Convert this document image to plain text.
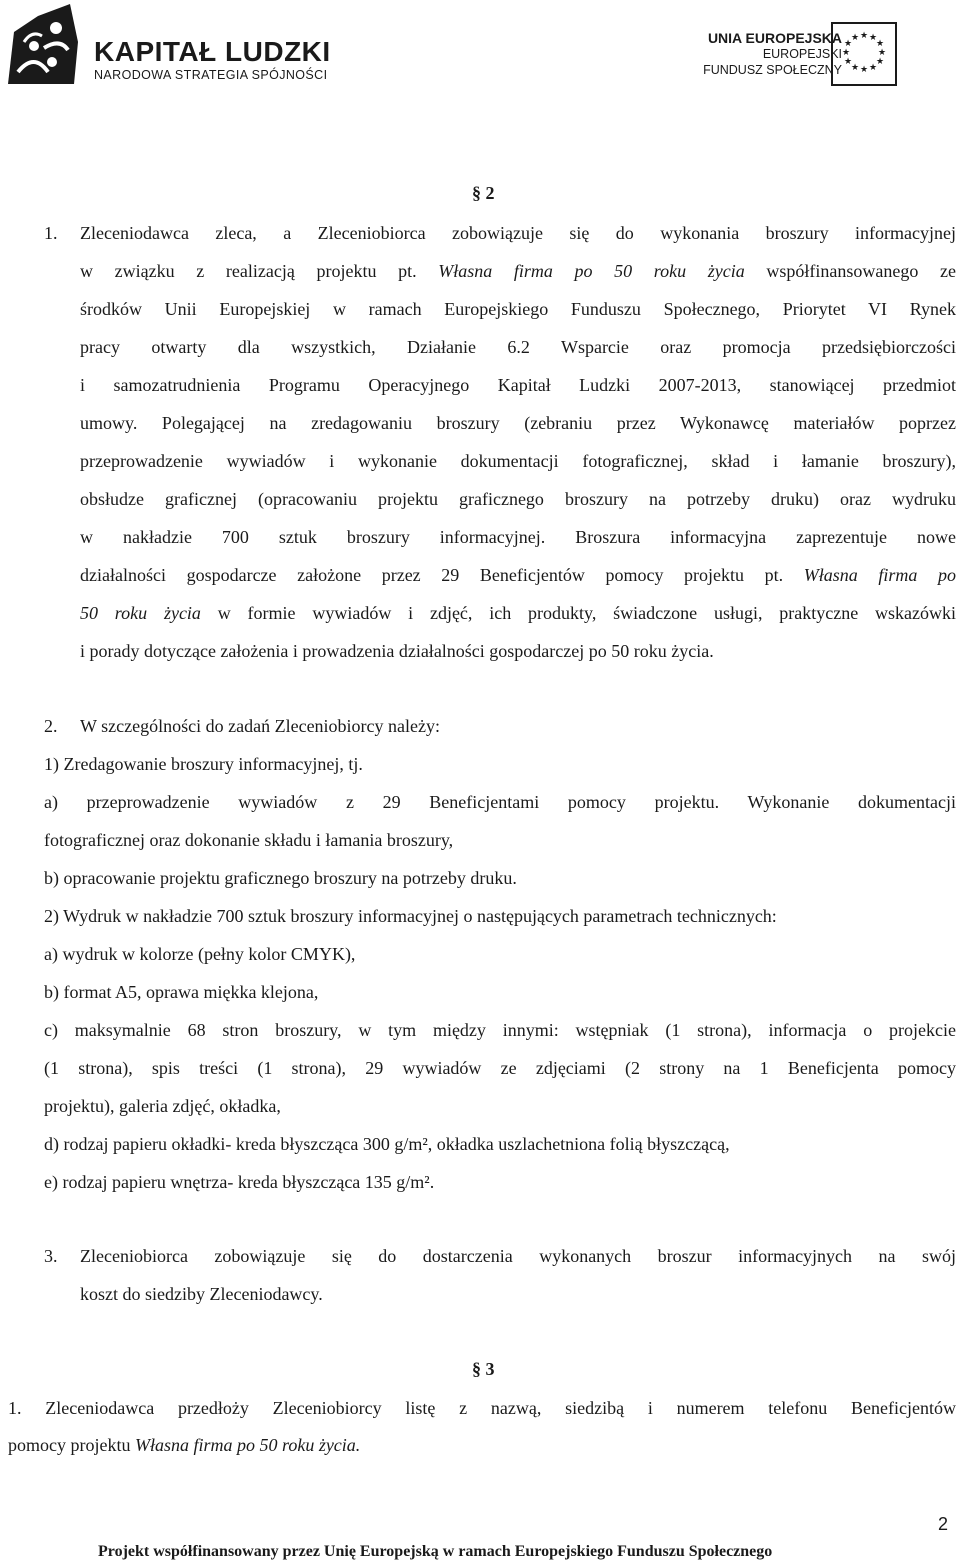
KAPITAŁ LUDZKI
NARODOWA STRATEGIA SPÓJNOŚCI
UNIA EUROPEJSKA
EUROPEJSKI
FUNDUSZ SPOŁECZNY
★ ★
★
★
★
★
★
★
★
★
★
★
§ 2
1. Zleceniodawca zleca, a Zleceniobiorca zobowiązuje się do wykonania broszury informacyjnej
w związku z realizacją projektu pt. Własna firma po 50 roku życia współfinansowanego ze
środków Unii Europejskiej w ramach Europejskiego Funduszu Społecznego, Priorytet VI Rynek
pracy otwarty dla wszystkich, Działanie 6.2 Wsparcie oraz promocja przedsiębiorczości
i samozatrudnienia Programu Operacyjnego Kapitał Ludzki 2007-2013, stanowiącej przedmiot
umowy. Polegającej na zredagowaniu broszury (zebraniu przez Wykonawcę materiałów poprzez
przeprowadzenie wywiadów i wykonanie dokumentacji fotograficznej, skład i łamanie broszury),
obsłudze graficznej (opracowaniu projektu graficznego broszury na potrzeby druku) oraz wydruku
w nakładzie 700 sztuk broszury informacyjnej. Broszura informacyjna zaprezentuje nowe
działalności gospodarcze założone przez 29 Beneficjentów pomocy projektu pt. Własna firma po
50 roku życia w formie wywiadów i zdjęć, ich produkty, świadczone usługi, praktyczne wskazówki
i porady dotyczące założenia i prowadzenia działalności gospodarczej po 50 roku życia.
2. W szczególności do zadań Zleceniobiorcy należy:
1) Zredagowanie broszury informacyjnej, tj.
a) przeprowadzenie wywiadów z 29 Beneficjentami pomocy projektu. Wykonanie dokumentacji
fotograficznej oraz dokonanie składu i łamania broszury,
b) opracowanie projektu graficznego broszury na potrzeby druku.
2) Wydruk w nakładzie 700 sztuk broszury informacyjnej o następujących parametrach technicznych:
a) wydruk w kolorze (pełny kolor CMYK),
b) format A5, oprawa miękka klejona,
c) maksymalnie 68 stron broszury, w tym między innymi: wstępniak (1 strona), informacja o projekcie
(1 strona), spis treści (1 strona), 29 wywiadów ze zdjęciami (2 strony na 1 Beneficjenta pomocy
projektu), galeria zdjęć, okładka,
d) rodzaj papieru okładki- kreda błyszcząca 300 g/m², okładka uszlachetniona folią błyszczącą,
e) rodzaj papieru wnętrza- kreda błyszcząca 135 g/m².
3. Zleceniobiorca zobowiązuje się do dostarczenia wykonanych broszur informacyjnych na swój
koszt do siedziby Zleceniodawcy.
§ 3
1. Zleceniodawca przedłoży Zleceniobiorcy listę z nazwą, siedzibą i numerem telefonu Beneficjentów
pomocy projektu Własna firma po 50 roku życia.
2
Projekt współfinansowany przez Unię Europejską w ramach Europejskiego Funduszu Społecznego
